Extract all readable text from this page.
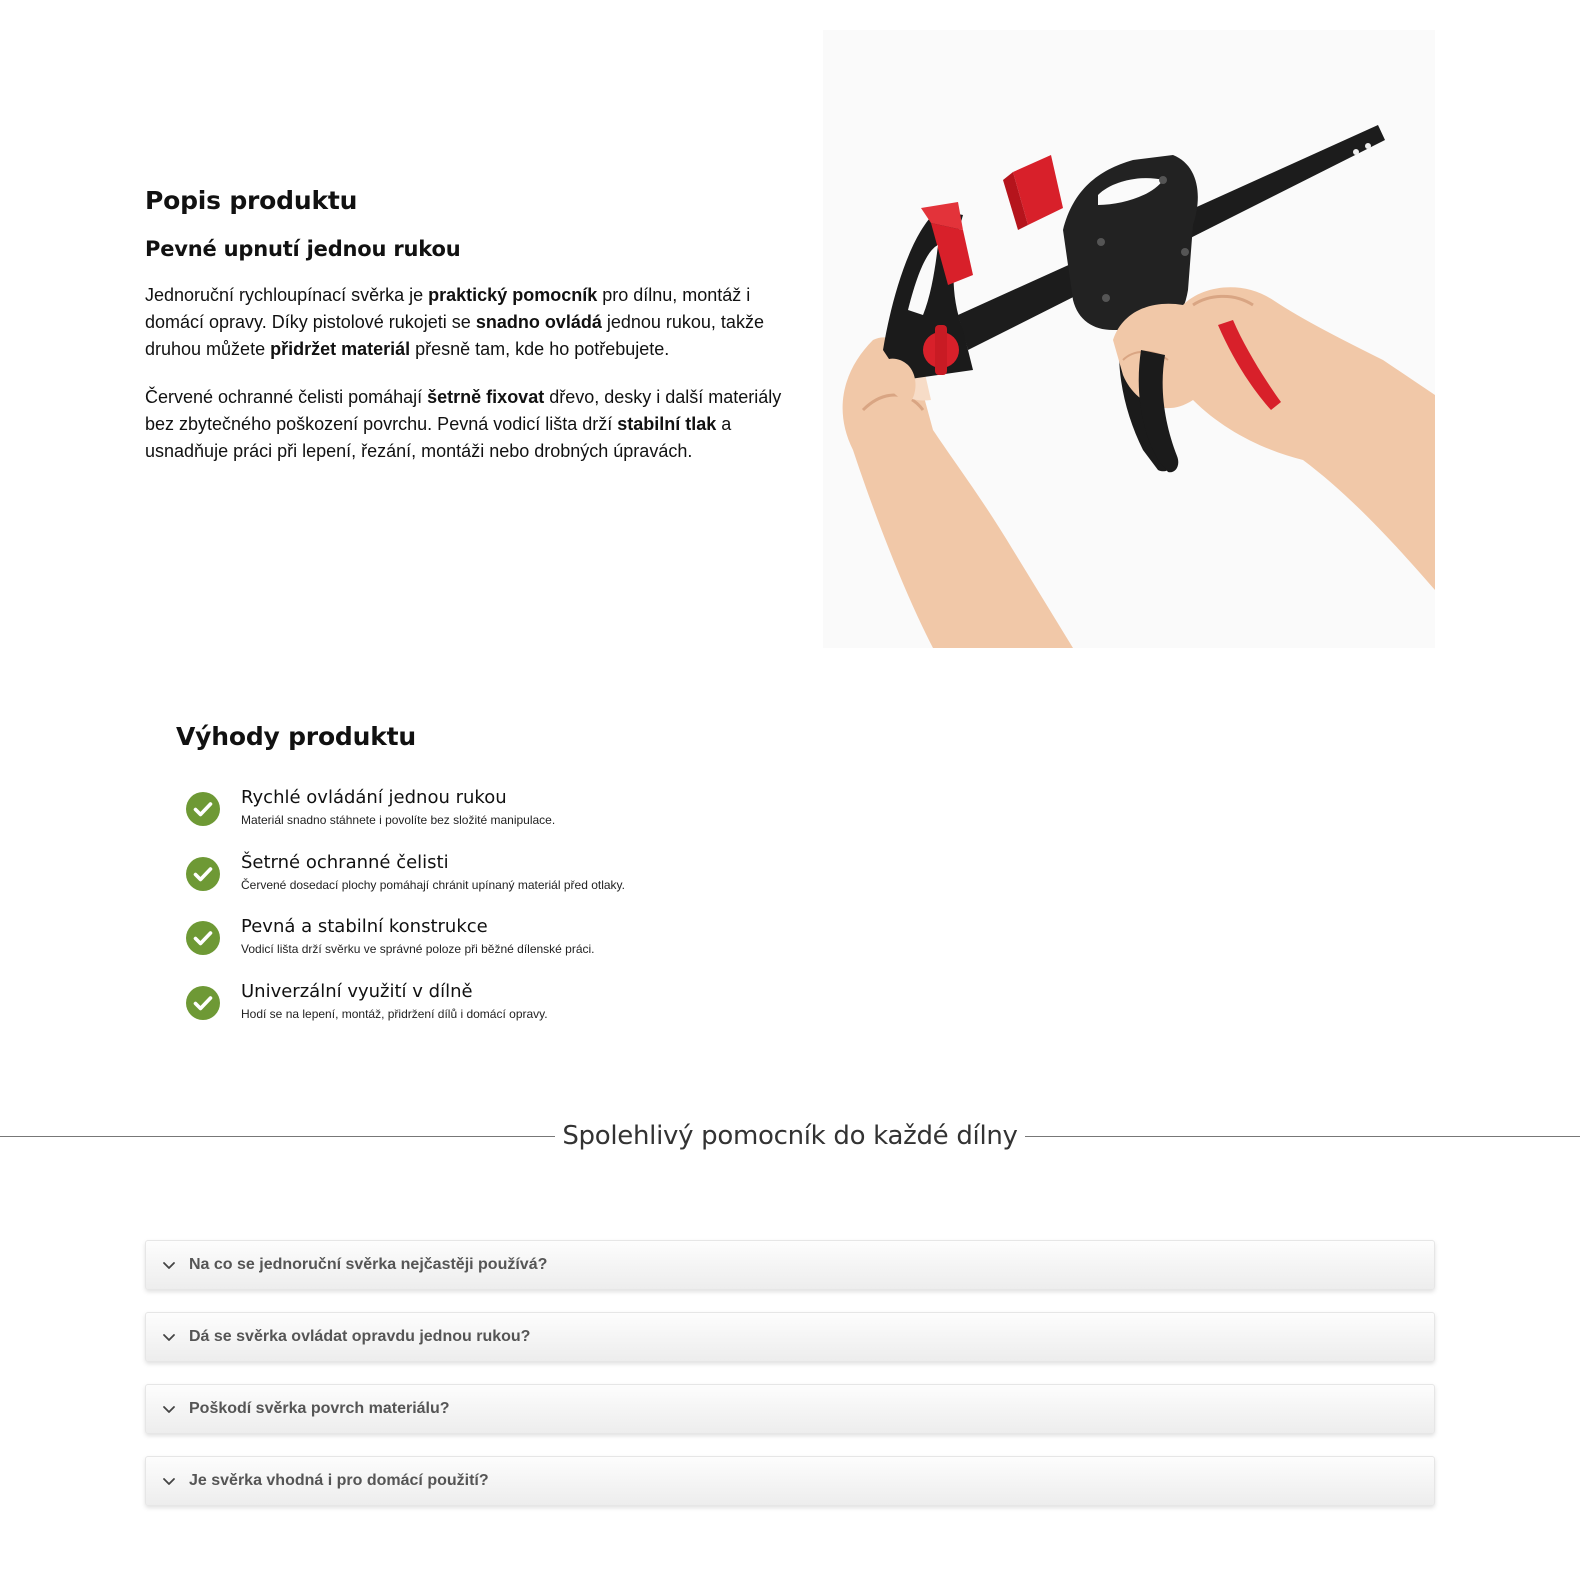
Popis produktu
Pevné upnutí jednou rukou

Jednoruční rychloupínací svěrka je praktický pomocník pro dílnu, montáž i domácí opravy. Díky pistolové rukojeti se snadno ovládá jednou rukou, takže druhou můžete přidržet materiál přesně tam, kde ho potřebujete.

Červené ochranné čelisti pomáhají šetrně fixovat dřevo, desky i další materiály bez zbytečného poškození povrchu. Pevná vodicí lišta drží stabilní tlak a usnadňuje práci při lepení, řezání, montáži nebo drobných úpravách.

Výhody produktu
Rychlé ovládání jednou rukou
Materiál snadno stáhnete i povolíte bez složité manipulace.
Šetrné ochranné čelisti
Červené dosedací plochy pomáhají chránit upínaný materiál před otlaky.
Pevná a stabilní konstrukce
Vodicí lišta drží svěrku ve správné poloze při běžné dílenské práci.
Univerzální využití v dílně
Hodí se na lepení, montáž, přidržení dílů i domácí opravy.
Spolehlivý pomocník do každé dílny
Na co se jednoruční svěrka nejčastěji používá?
Dá se svěrka ovládat opravdu jednou rukou?
Poškodí svěrka povrch materiálu?
Je svěrka vhodná i pro domácí použití?
